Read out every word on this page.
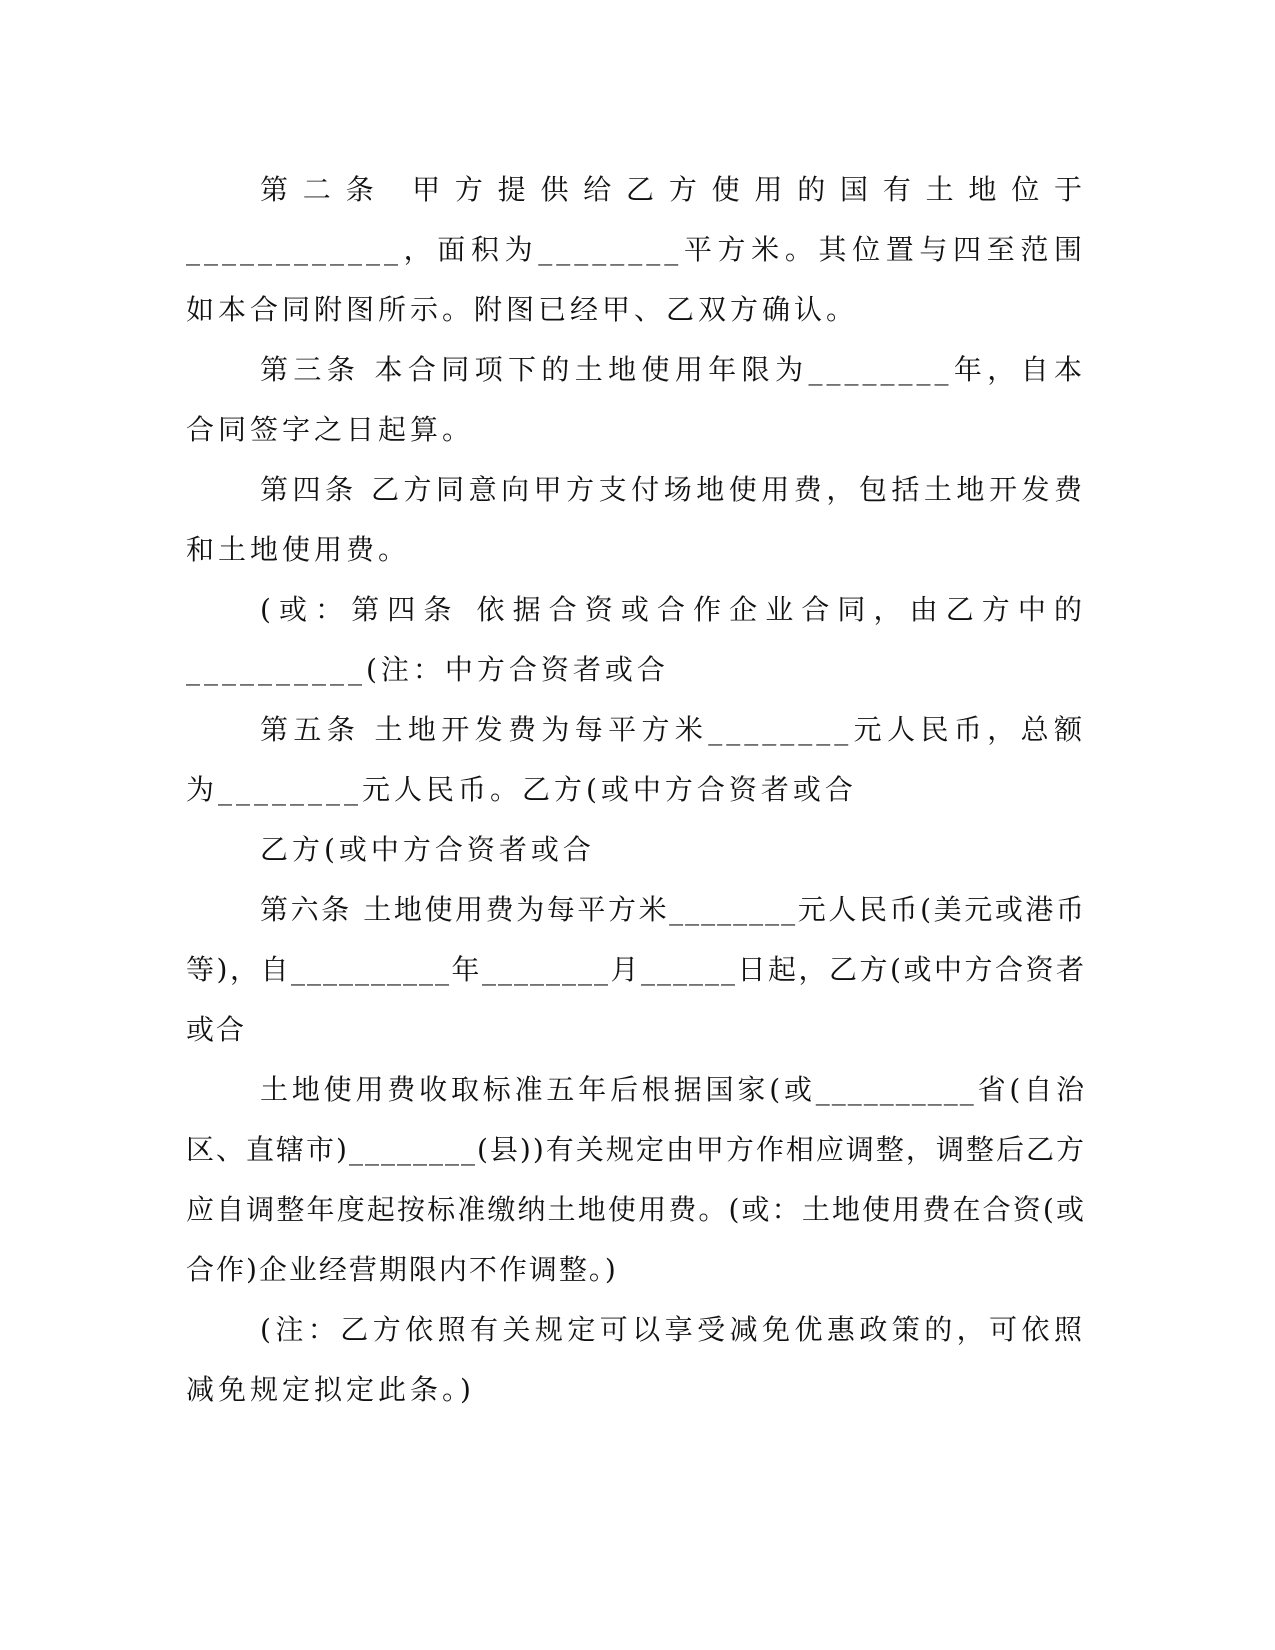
第二条 甲方提供给乙方使用的国有土地位于____________，面积为________平方米。其位置与四至范围如本合同附图所示。附图已经甲、乙双方确认。

第三条 本合同项下的土地使用年限为________年，自本合同签字之日起算。

第四条 乙方同意向甲方支付场地使用费，包括土地开发费和土地使用费。

(或：第四条 依据合资或合作企业合同，由乙方中的__________(注：中方合资者或合

第五条 土地开发费为每平方米________元人民币，总额为________元人民币。乙方(或中方合资者或合

乙方(或中方合资者或合

第六条 土地使用费为每平方米________元人民币(美元或港币等)，自__________年________月______日起，乙方(或中方合资者或合

土地使用费收取标准五年后根据国家(或__________省(自治区、直辖市)________(县))有关规定由甲方作相应调整，调整后乙方应自调整年度起按标准缴纳土地使用费。(或：土地使用费在合资(或合作)企业经营期限内不作调整。)

(注：乙方依照有关规定可以享受减免优惠政策的，可依照减免规定拟定此条。)
